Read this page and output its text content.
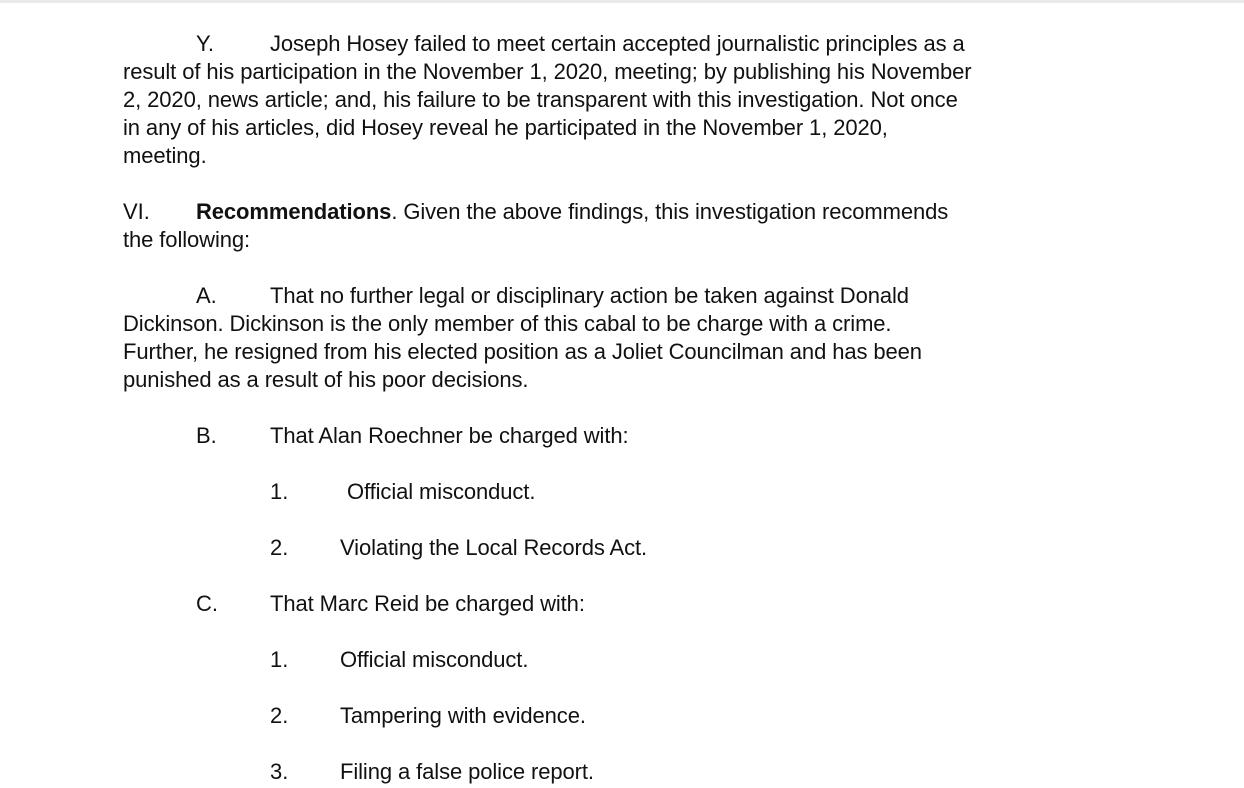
Y.	Joseph Hosey failed to meet certain accepted journalistic principles as a
result of his participation in the November 1, 2020, meeting; by publishing his November
2, 2020, news article; and, his failure to be transparent with this investigation. Not once
in any of his articles, did Hosey reveal he participated in the November 1, 2020,
meeting.
VI. Recommendations. Given the above findings, this investigation recommends
the following:
A. That no further legal or disciplinary action be taken against Donald
Dickinson. Dickinson is the only member of this cabal to be charge with a crime.
Further, he resigned from his elected position as a Joliet Councilman and has been
punished as a result of his poor decisions.
B. That Alan Roechner be charged with:
1.	Official misconduct.
2. Violating the Local Records Act.
C. That Marc Reid be charged with:
1. Official misconduct.
2. Tampering with evidence.
3. Filing a false police report.
